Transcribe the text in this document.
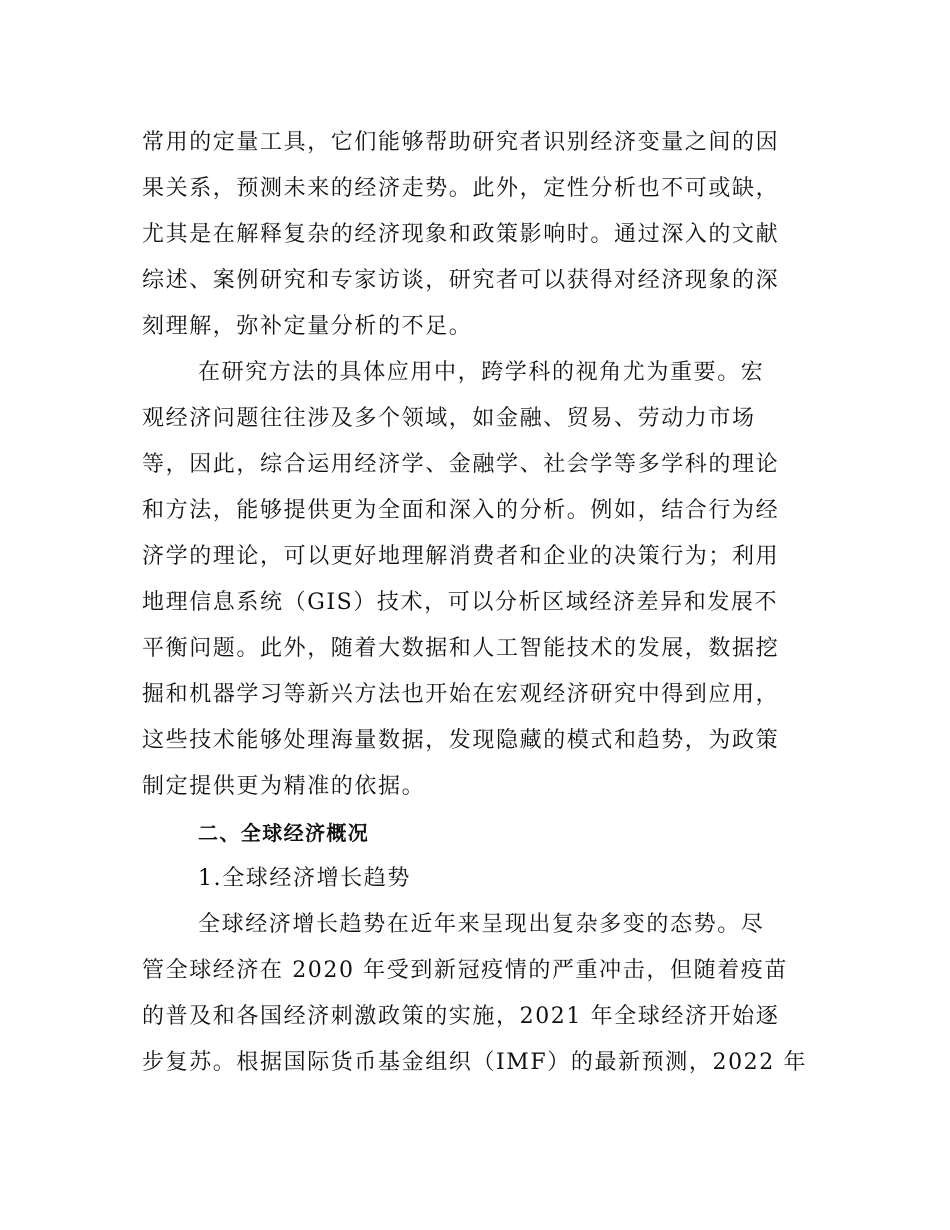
常用的定量工具，它们能够帮助研究者识别经济变量之间的因
果关系，预测未来的经济走势。此外，定性分析也不可或缺，
尤其是在解释复杂的经济现象和政策影响时。通过深入的文献
综述、案例研究和专家访谈，研究者可以获得对经济现象的深
刻理解，弥补定量分析的不足。
在研究方法的具体应用中，跨学科的视角尤为重要。宏
观经济问题往往涉及多个领域，如金融、贸易、劳动力市场
等，因此，综合运用经济学、金融学、社会学等多学科的理论
和方法，能够提供更为全面和深入的分析。例如，结合行为经
济学的理论，可以更好地理解消费者和企业的决策行为；利用
地理信息系统（GIS）技术，可以分析区域经济差异和发展不
平衡问题。此外，随着大数据和人工智能技术的发展，数据挖
掘和机器学习等新兴方法也开始在宏观经济研究中得到应用，
这些技术能够处理海量数据，发现隐藏的模式和趋势，为政策
制定提供更为精准的依据。
二、全球经济概况
1.全球经济增长趋势
全球经济增长趋势在近年来呈现出复杂多变的态势。尽
管全球经济在 2020 年受到新冠疫情的严重冲击，但随着疫苗
的普及和各国经济刺激政策的实施，2021 年全球经济开始逐
步复苏。根据国际货币基金组织（IMF）的最新预测，2022 年
